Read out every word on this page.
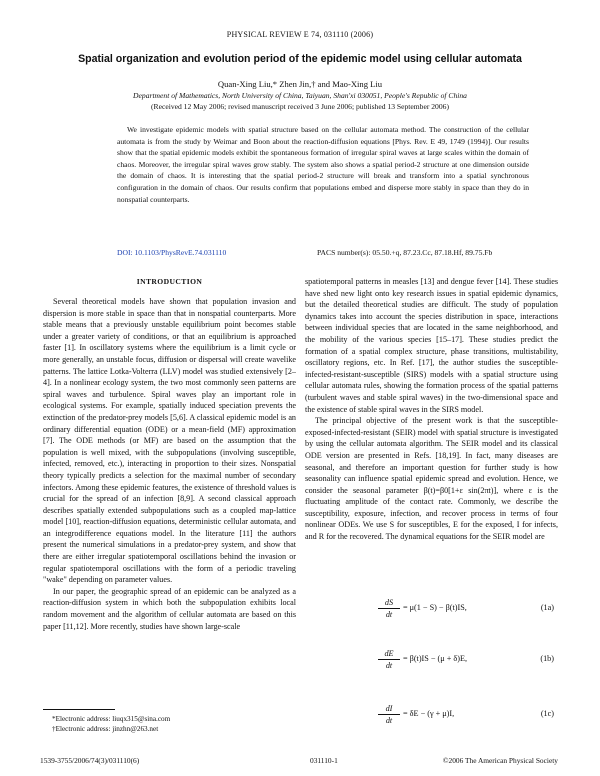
PHYSICAL REVIEW E 74, 031110 (2006)
Spatial organization and evolution period of the epidemic model using cellular automata
Quan-Xing Liu,* Zhen Jin,† and Mao-Xing Liu
Department of Mathematics, North University of China, Taiyuan, Shan'xi 030051, People's Republic of China
(Received 12 May 2006; revised manuscript received 3 June 2006; published 13 September 2006)
We investigate epidemic models with spatial structure based on the cellular automata method. The construction of the cellular automata is from the study by Weimar and Boon about the reaction-diffusion equations [Phys. Rev. E 49, 1749 (1994)]. Our results show that the spatial epidemic models exhibit the spontaneous formation of irregular spiral waves at large scales within the domain of chaos. Moreover, the irregular spiral waves grow stably. The system also shows a spatial period-2 structure at one dimension outside the domain of chaos. It is interesting that the spatial period-2 structure will break and transform into a spatial synchronous configuration in the domain of chaos. Our results confirm that populations embed and disperse more stably in space than they do in nonspatial counterparts.
DOI: 10.1103/PhysRevE.74.031110	PACS number(s): 05.50.+q, 87.23.Cc, 87.18.Hf, 89.75.Fb
INTRODUCTION

Several theoretical models have shown that population invasion and dispersion is more stable in space than that in nonspatial counterparts. More stable means that a previously unstable equilibrium point becomes stable under a greater variety of conditions, or that an equilibrium is approached faster [1]. In oscillatory systems where the equilibrium is a limit cycle or more generally, an unstable focus, diffusion or dispersal will create wavelike patterns. The lattice Lotka-Volterra (LLV) model was studied extensively [2–4]. In a nonlinear ecology system, the two most commonly seen patterns are spiral waves and turbulence. Spiral waves play an important role in ecological systems. For example, spatially induced speciation prevents the extinction of the predator-prey models [5,6]. A classical epidemic model is an ordinary differential equation (ODE) or a mean-field (MF) approximation [7]. The ODE methods (or MF) are based on the assumption that the population is well mixed, with the subpopulations (involving susceptible, infected, removed, etc.), interacting in proportion to their sizes. Nonspatial theory typically predicts a selection for the maximal number of secondary infectors. Among these epidemic features, the existence of threshold values is crucial for the spread of an infection [8,9]. A second classical approach describes spatially extended subpopulations such as a coupled map-lattice model [10], reaction-diffusion equations, deterministic cellular automata, and an integrodifference equations model. In the literature [11] the authors present the numerical simulations in a predator-prey system, and show that there are either irregular spatiotemporal oscillations behind the invasion or regular spatiotemporal oscillations with the form of a periodic traveling "wake" depending on parameter values.

In our paper, the geographic spread of an epidemic can be analyzed as a reaction-diffusion system in which both the subpopulation exhibits local random movement and the algorithm of cellular automata are based on this paper [11,12]. More recently, studies have shown large-scale

spatiotemporal patterns in measles [13] and dengue fever [14]. These studies have shed new light onto key research issues in spatial epidemic dynamics, but the detailed theoretical studies are difficult. The study of population dynamics takes into account the species distribution in space, interactions between individual species that are located in the same neighborhood, and the mobility of the various species [15–17]. These studies predict the formation of a spatial complex structure, phase transitions, multistability, oscillatory regions, etc. In Ref. [17], the author studies the susceptible-infected-resistant-susceptible (SIRS) models with a spatial structure using cellular automata rules, showing the formation process of the spatial patterns (turbulent waves and stable spiral waves) in the two-dimensional space and the existence of stable spiral waves in the SIRS model.

The principal objective of the present work is that the susceptible-exposed-infected-resistant (SEIR) model with spatial structure is investigated by using the cellular automata algorithm. The SEIR model and its classical ODE version are presented in Refs. [18,19]. In fact, many diseases are seasonal, and therefore an important question for further study is how seasonality can influence spatial epidemic spread and evolution. Hence, we consider the seasonal parameter β(t)=β0[1+ε sin(2πt)], where ε is the fluctuating amplitude of the contact rate. Commonly, we describe the susceptibility, exposure, infection, and recover process in terms of four nonlinear ODEs. We use S for susceptibles, E for the exposed, I for infects, and R for the recovered. The dynamical equations for the SEIR model are

$\frac{dS}{dt} = \mu(1 - S) - \beta(t)IS$,	(1a)
$\frac{dE}{dt} = \beta(t)IS - (\mu + \delta)E$,	(1b)
$\frac{dI}{dt} = \delta E - (\gamma + \mu)I$,	(1c)
*Electronic address: liuqx315@sina.com
†Electronic address: jinzhn@263.net
1539-3755/2006/74(3)/031110(6)	031110-1	©2006 The American Physical Society
